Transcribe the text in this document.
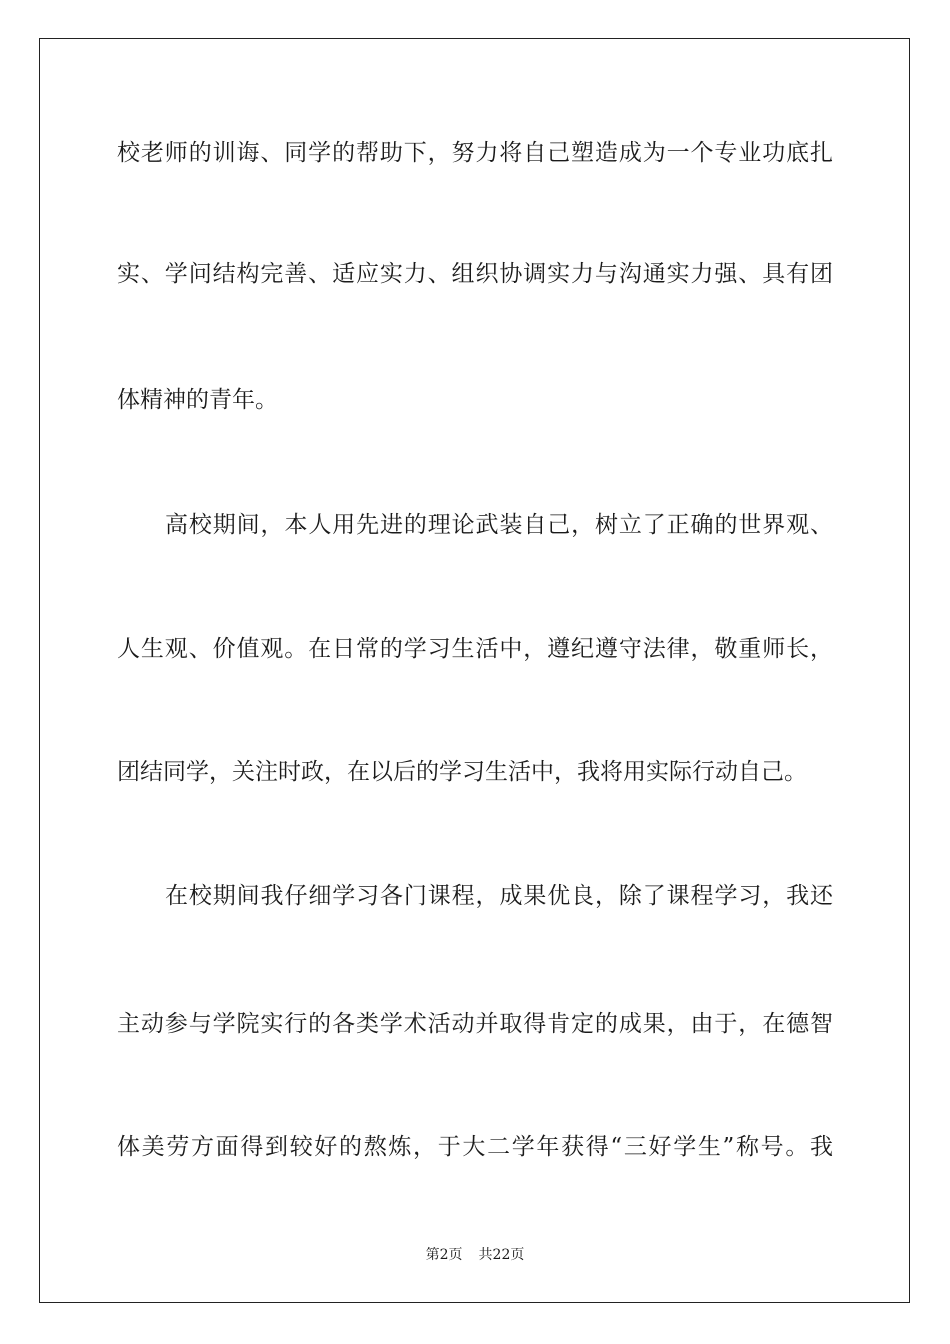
校老师的训诲、同学的帮助下，努力将自己塑造成为一个专业功底扎

实、学问结构完善、适应实力、组织协调实力与沟通实力强、具有团

体精神的青年。

高校期间，本人用先进的理论武装自己，树立了正确的世界观、

人生观、价值观。在日常的学习生活中，遵纪遵守法律，敬重师长，

团结同学，关注时政，在以后的学习生活中，我将用实际行动自己。

在校期间我仔细学习各门课程，成果优良，除了课程学习，我还

主动参与学院实行的各类学术活动并取得肯定的成果，由于，在德智

体美劳方面得到较好的熬炼，于大二学年获得“三好学生”称号。我

第2页 共22页
